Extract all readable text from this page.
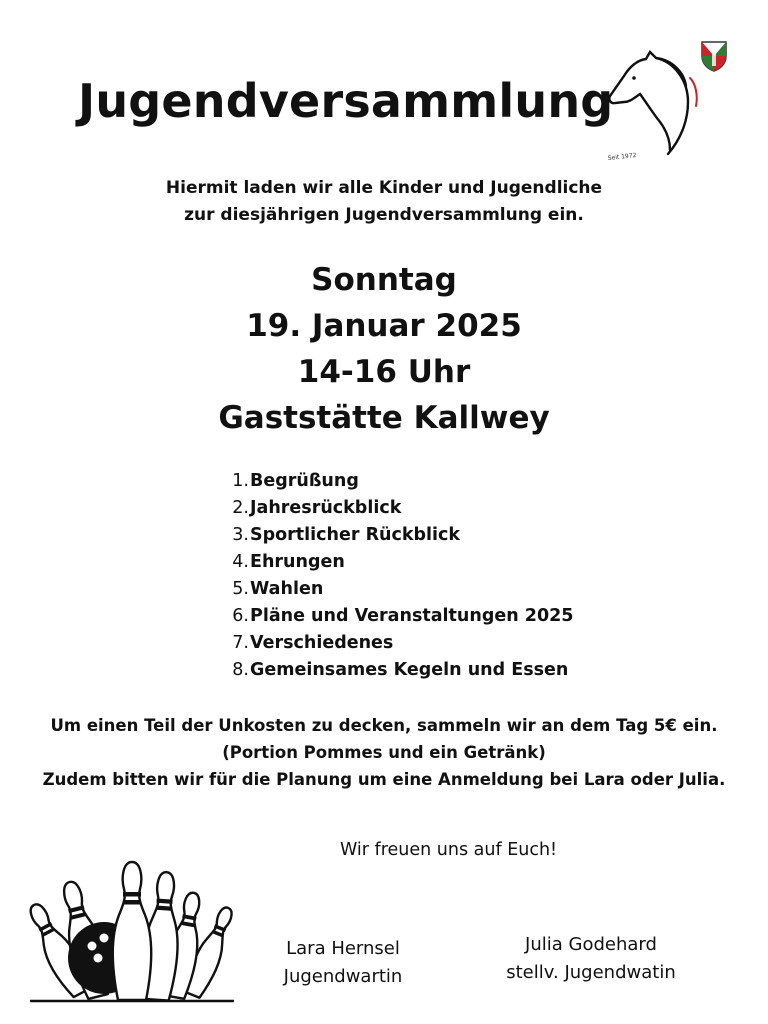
Seit 1972
Jugendversammlung
Hiermit laden wir alle Kinder und Jugendliche
zur diesjährigen Jugendversammlung ein.
Sonntag
19. Januar 2025
14-16 Uhr
Gaststätte Kallwey
1.Begrüßung
2.Jahresrückblick
3.Sportlicher Rückblick
4.Ehrungen
5.Wahlen
6.Pläne und Veranstaltungen 2025
7.Verschiedenes
8.Gemeinsames Kegeln und Essen
Um einen Teil der Unkosten zu decken, sammeln wir an dem Tag 5€ ein.
(Portion Pommes und ein Getränk)
Zudem bitten wir für die Planung um eine Anmeldung bei Lara oder Julia.
Wir freuen uns auf Euch!
Lara Hernsel
Jugendwartin
Julia Godehard
stellv. Jugendwatin
